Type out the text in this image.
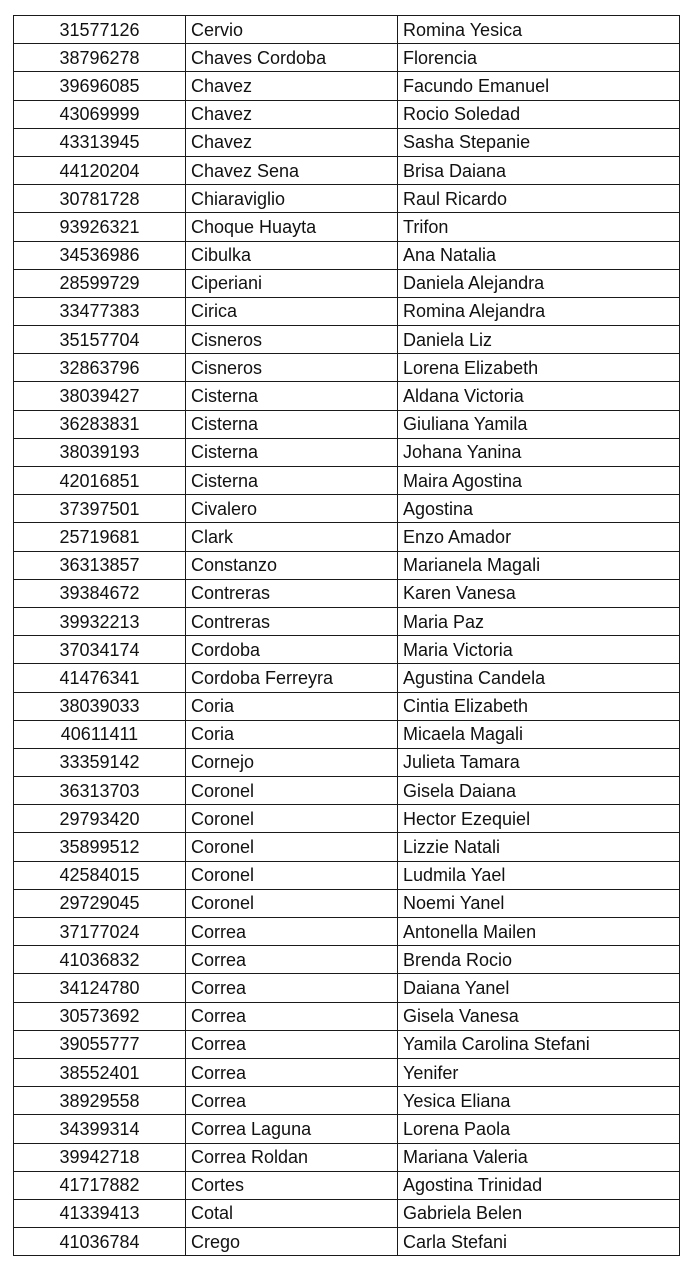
31577126	Cervio	Romina Yesica
38796278	Chaves Cordoba	Florencia
39696085	Chavez	Facundo Emanuel
43069999	Chavez	Rocio Soledad
43313945	Chavez	Sasha Stepanie
44120204	Chavez Sena	Brisa Daiana
30781728	Chiaraviglio	Raul Ricardo
93926321	Choque Huayta	Trifon
34536986	Cibulka	Ana Natalia
28599729	Ciperiani	Daniela Alejandra
33477383	Cirica	Romina Alejandra
35157704	Cisneros	Daniela Liz
32863796	Cisneros	Lorena Elizabeth
38039427	Cisterna	Aldana Victoria
36283831	Cisterna	Giuliana Yamila
38039193	Cisterna	Johana Yanina
42016851	Cisterna	Maira Agostina
37397501	Civalero	Agostina
25719681	Clark	Enzo Amador
36313857	Constanzo	Marianela Magali
39384672	Contreras	Karen Vanesa
39932213	Contreras	Maria Paz
37034174	Cordoba	Maria Victoria
41476341	Cordoba Ferreyra	Agustina Candela
38039033	Coria	Cintia Elizabeth
40611411	Coria	Micaela Magali
33359142	Cornejo	Julieta Tamara
36313703	Coronel	Gisela Daiana
29793420	Coronel	Hector Ezequiel
35899512	Coronel	Lizzie Natali
42584015	Coronel	Ludmila Yael
29729045	Coronel	Noemi Yanel
37177024	Correa	Antonella Mailen
41036832	Correa	Brenda Rocio
34124780	Correa	Daiana Yanel
30573692	Correa	Gisela Vanesa
39055777	Correa	Yamila Carolina Stefani
38552401	Correa	Yenifer
38929558	Correa	Yesica Eliana
34399314	Correa Laguna	Lorena Paola
39942718	Correa Roldan	Mariana Valeria
41717882	Cortes	Agostina Trinidad
41339413	Cotal	Gabriela Belen
41036784	Crego	Carla Stefani
